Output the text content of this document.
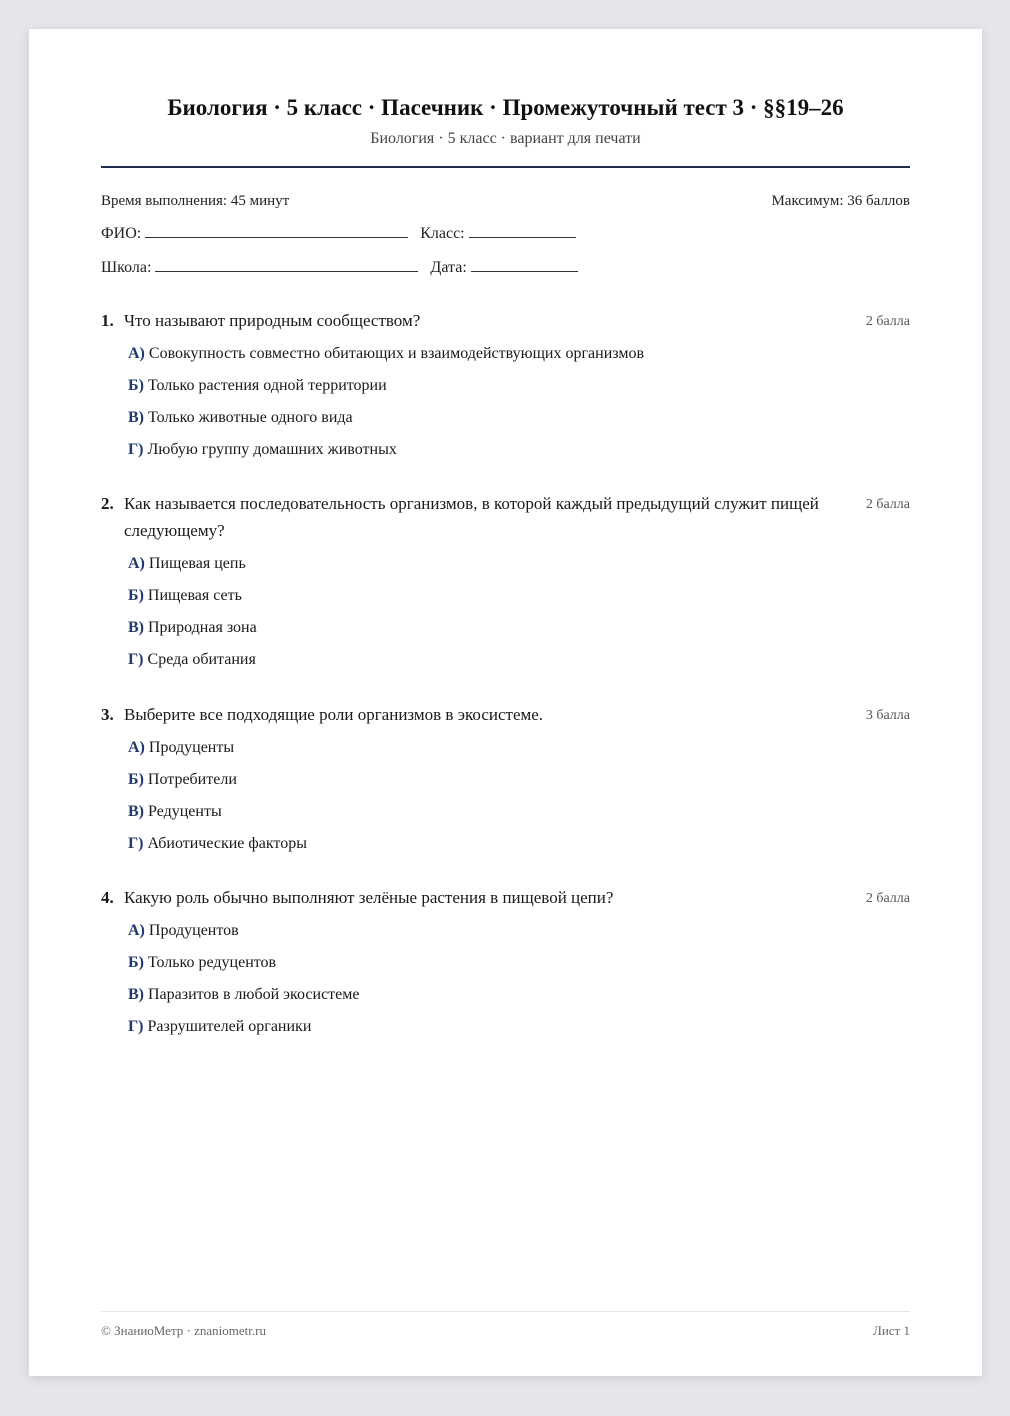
Биология · 5 класс · Пасечник · Промежуточный тест 3 · §§19–26
Биология · 5 класс · вариант для печати
Время выполнения: 45 минут	Максимум: 36 баллов
ФИО:	Класс:
Школа:	Дата:
1. Что называют природным сообществом?	2 балла
А) Совокупность совместно обитающих и взаимодействующих организмов
Б) Только растения одной территории
В) Только животные одного вида
Г) Любую группу домашних животных
2. Как называется последовательность организмов, в которой каждый предыдущий служит пищей следующему?
2 балла
А) Пищевая цепь
Б) Пищевая сеть
В) Природная зона
Г) Среда обитания
3. Выберите все подходящие роли организмов в экосистеме.	3 балла
А) Продуценты
Б) Потребители
В) Редуценты
Г) Абиотические факторы
4. Какую роль обычно выполняют зелёные растения в пищевой цепи?	2 балла
А) Продуцентов
Б) Только редуцентов
В) Паразитов в любой экосистеме
Г) Разрушителей органики
© ЗнаниоМетр · znaniometr.ru	Лист 1
